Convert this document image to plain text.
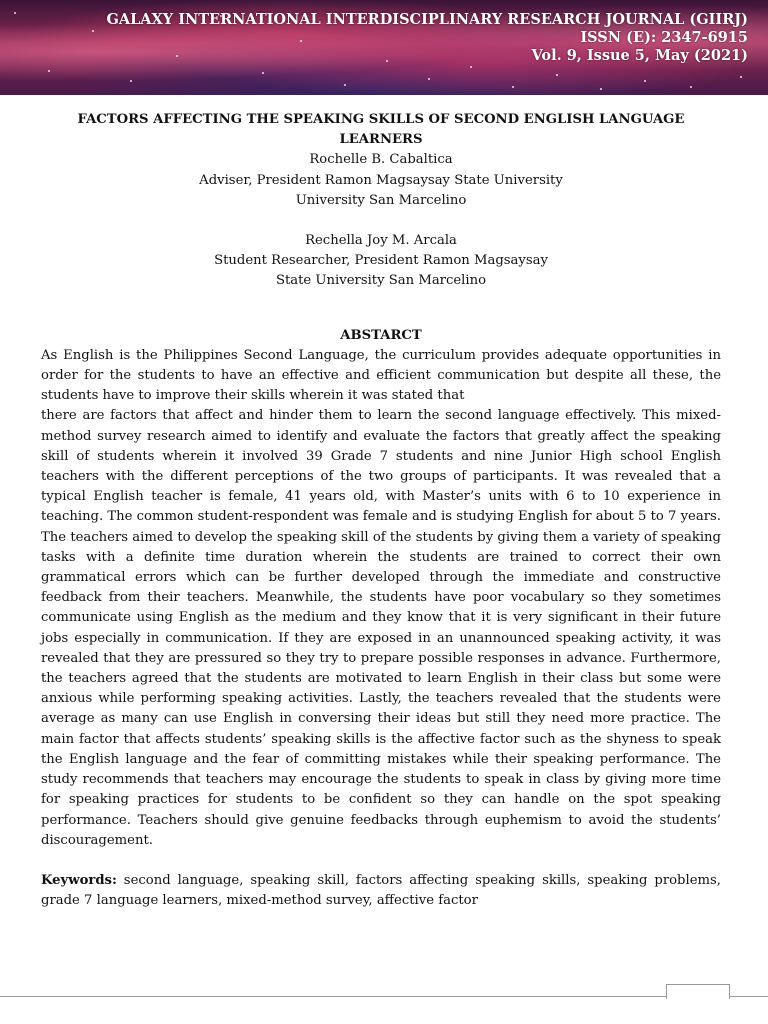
GALAXY INTERNATIONAL INTERDISCIPLINARY RESEARCH JOURNAL (GIIRJ)
ISSN (E): 2347-6915
Vol. 9, Issue 5, May (2021)

FACTORS AFFECTING THE SPEAKING SKILLS OF SECOND ENGLISH LANGUAGE

LEARNERS

Rochelle B. Cabaltica

Adviser, President Ramon Magsaysay State University

University San Marcelino

Rechella Joy M. Arcala

Student Researcher, President Ramon Magsaysay

State University San Marcelino

ABSTARCT

As English is the Philippines Second Language, the curriculum provides adequate opportunities in order for the students to have an effective and efficient communication but despite all these, the students have to improve their skills wherein it was stated that

there are factors that affect and hinder them to learn the second language effectively. This mixed-method survey research aimed to identify and evaluate the factors that greatly affect the speaking skill of students wherein it involved 39 Grade 7 students and nine Junior High school English teachers with the different perceptions of the two groups of participants. It was revealed that a typical English teacher is female, 41 years old, with Master’s units with 6 to 10 experience in teaching. The common student-respondent was female and is studying English for about 5 to 7 years. The teachers aimed to develop the speaking skill of the students by giving them a variety of speaking tasks with a definite time duration wherein the students are trained to correct their own grammatical errors which can be further developed through the immediate and constructive feedback from their teachers. Meanwhile, the students have poor vocabulary so they sometimes communicate using English as the medium and they know that it is very significant in their future jobs especially in communication. If they are exposed in an unannounced speaking activity, it was revealed that they are pressured so they try to prepare possible responses in advance. Furthermore, the teachers agreed that the students are motivated to learn English in their class but some were anxious while performing speaking activities. Lastly, the teachers revealed that the students were average as many can use English in conversing their ideas but still they need more practice. The main factor that affects students’ speaking skills is the affective factor such as the shyness to speak the English language and the fear of committing mistakes while their speaking performance. The study recommends that teachers may encourage the students to speak in class by giving more time for speaking practices for students to be confident so they can handle on the spot speaking performance. Teachers should give genuine feedbacks through euphemism to avoid the students’ discouragement.

Keywords: second language, speaking skill, factors affecting speaking skills, speaking problems, grade 7 language learners, mixed-method survey, affective factor
